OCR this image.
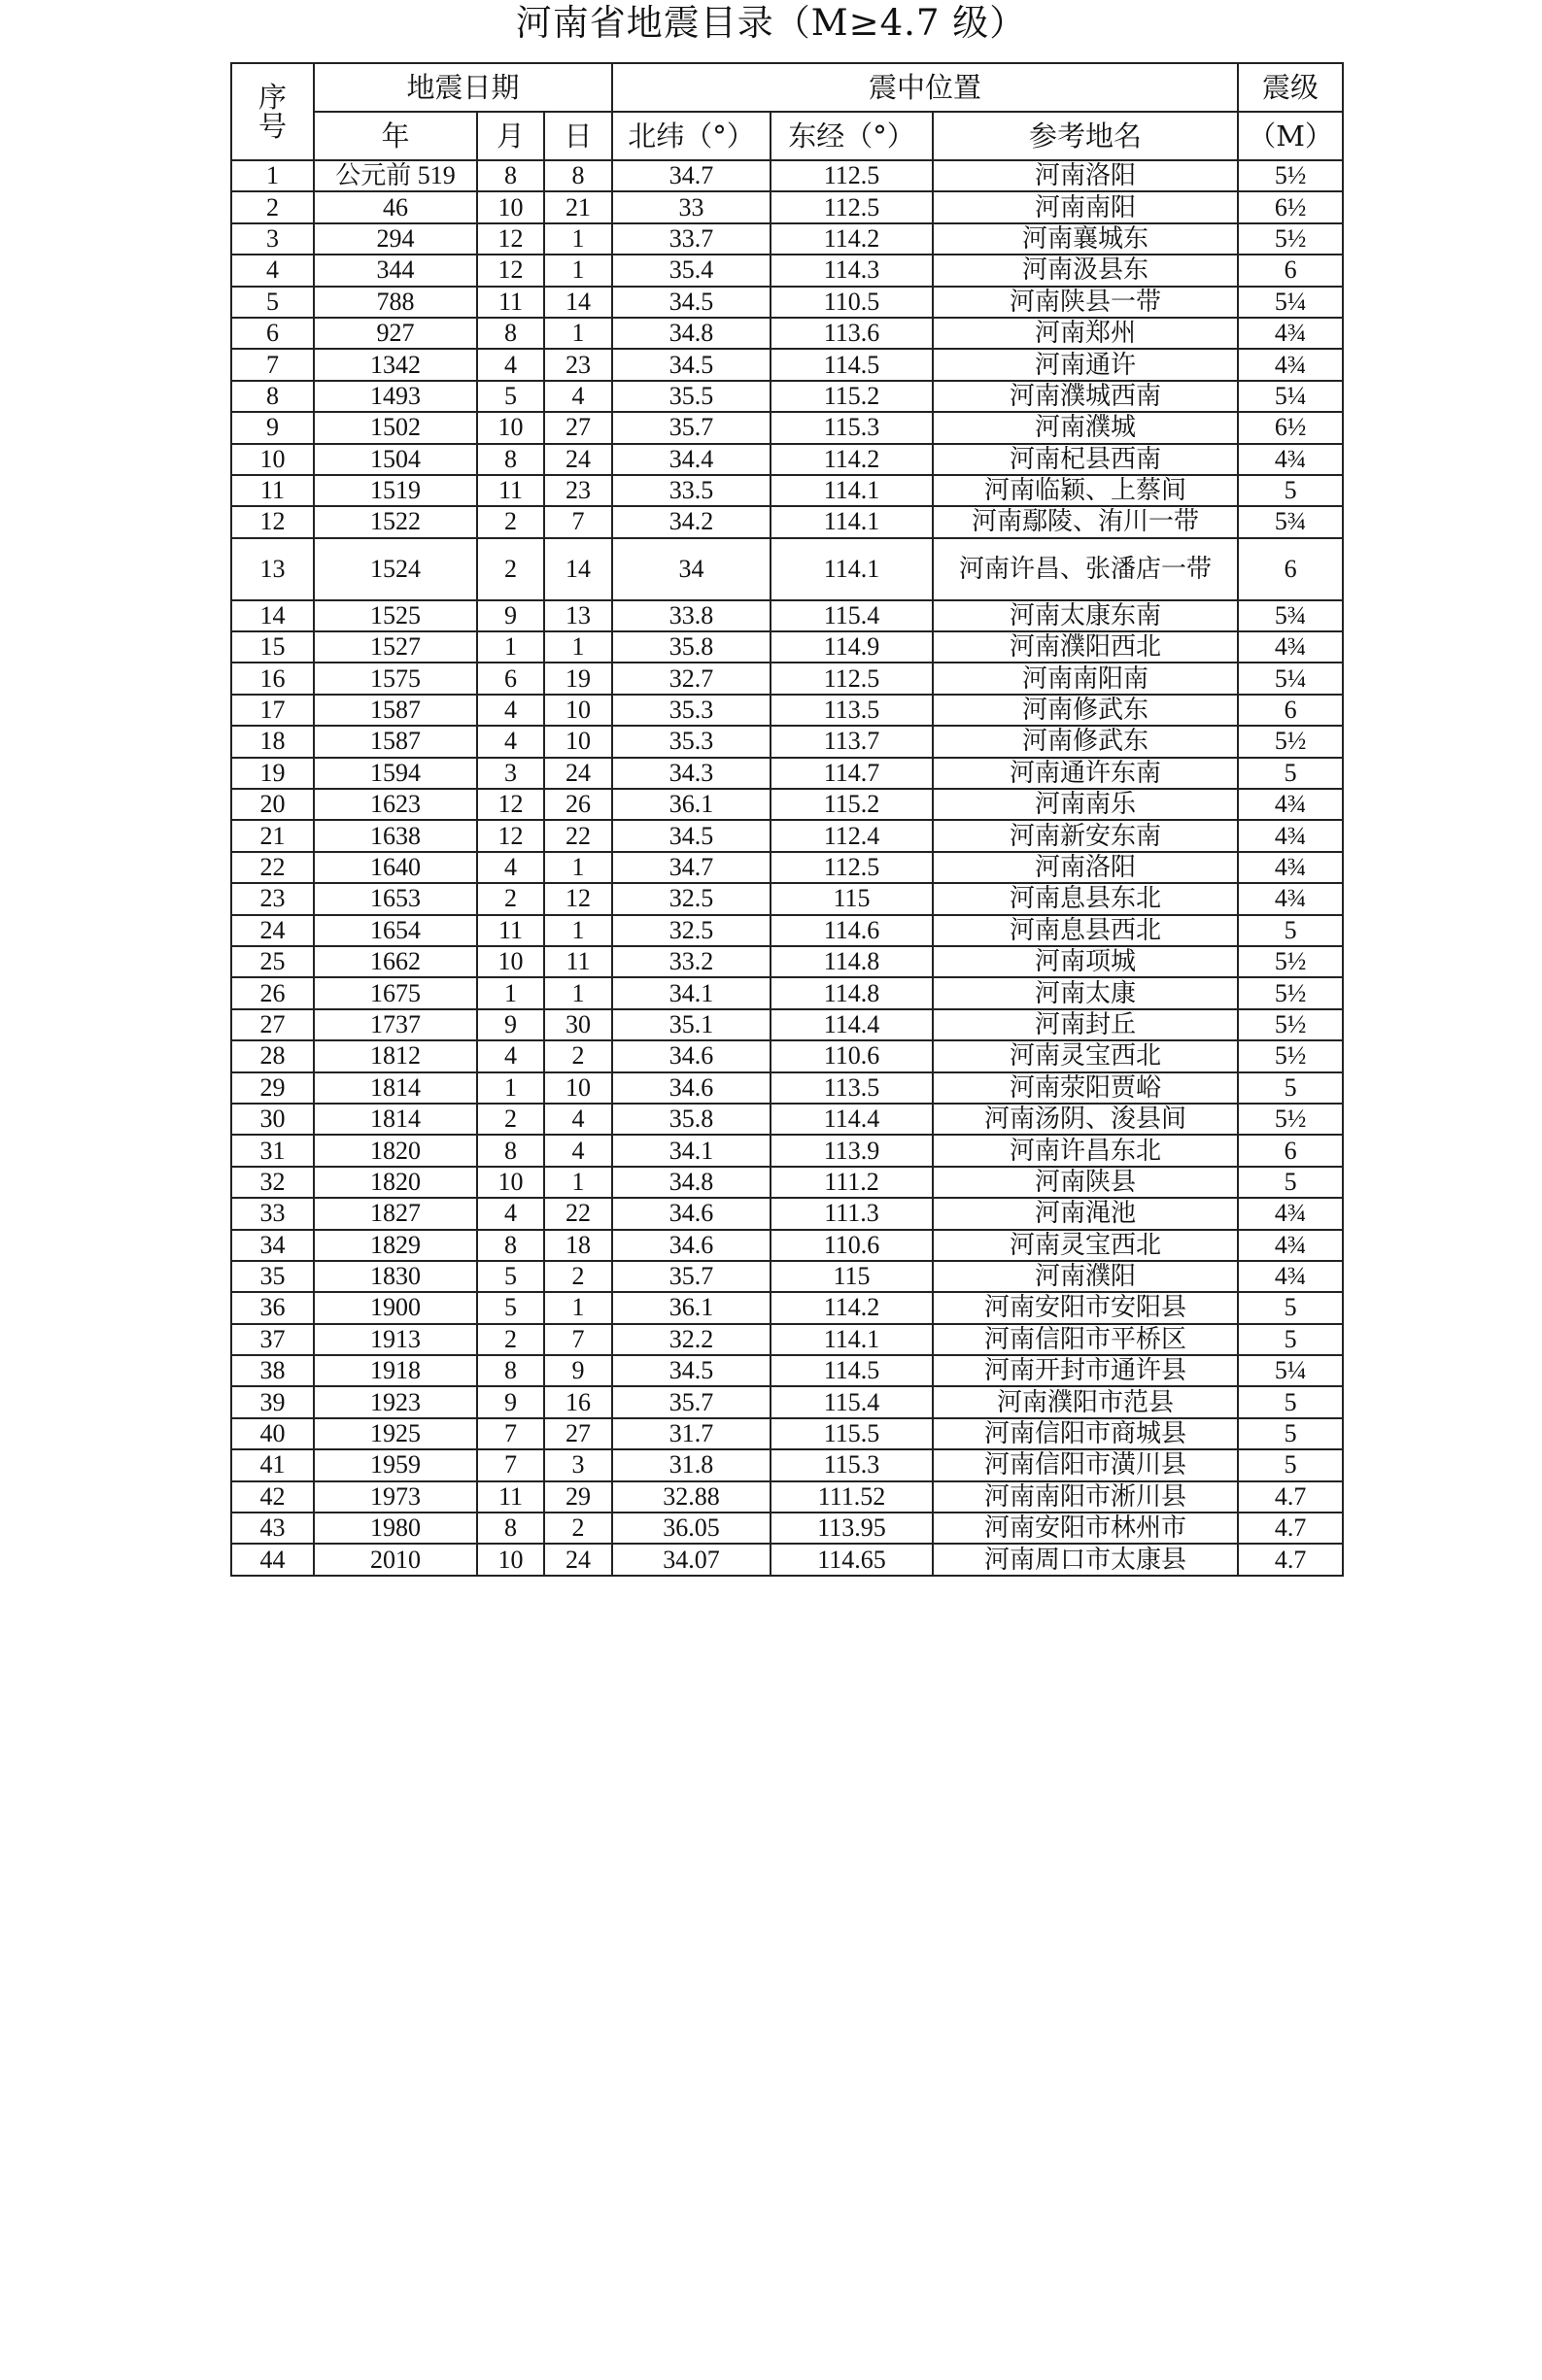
河南省地震目录（M≥4.7 级）
序号	地震日期			震中位置			震级
	年	月	日	北纬（°）	东经（°）	参考地名	（M）
1	公元前 519	8	8	34.7	112.5	河南洛阳	5½
2	46	10	21	33	112.5	河南南阳	6½
3	294	12	1	33.7	114.2	河南襄城东	5½
4	344	12	1	35.4	114.3	河南汲县东	6
5	788	11	14	34.5	110.5	河南陕县一带	5¼
6	927	8	1	34.8	113.6	河南郑州	4¾
7	1342	4	23	34.5	114.5	河南通许	4¾
8	1493	5	4	35.5	115.2	河南濮城西南	5¼
9	1502	10	27	35.7	115.3	河南濮城	6½
10	1504	8	24	34.4	114.2	河南杞县西南	4¾
11	1519	11	23	33.5	114.1	河南临颖、上蔡间	5
12	1522	2	7	34.2	114.1	河南鄢陵、洧川一带	5¾
13	1524	2	14	34	114.1	河南许昌、张潘店一带	6
14	1525	9	13	33.8	115.4	河南太康东南	5¾
15	1527	1	1	35.8	114.9	河南濮阳西北	4¾
16	1575	6	19	32.7	112.5	河南南阳南	5¼
17	1587	4	10	35.3	113.5	河南修武东	6
18	1587	4	10	35.3	113.7	河南修武东	5½
19	1594	3	24	34.3	114.7	河南通许东南	5
20	1623	12	26	36.1	115.2	河南南乐	4¾
21	1638	12	22	34.5	112.4	河南新安东南	4¾
22	1640	4	1	34.7	112.5	河南洛阳	4¾
23	1653	2	12	32.5	115	河南息县东北	4¾
24	1654	11	1	32.5	114.6	河南息县西北	5
25	1662	10	11	33.2	114.8	河南项城	5½
26	1675	1	1	34.1	114.8	河南太康	5½
27	1737	9	30	35.1	114.4	河南封丘	5½
28	1812	4	2	34.6	110.6	河南灵宝西北	5½
29	1814	1	10	34.6	113.5	河南荥阳贾峪	5
30	1814	2	4	35.8	114.4	河南汤阴、浚县间	5½
31	1820	8	4	34.1	113.9	河南许昌东北	6
32	1820	10	1	34.8	111.2	河南陕县	5
33	1827	4	22	34.6	111.3	河南渑池	4¾
34	1829	8	18	34.6	110.6	河南灵宝西北	4¾
35	1830	5	2	35.7	115	河南濮阳	4¾
36	1900	5	1	36.1	114.2	河南安阳市安阳县	5
37	1913	2	7	32.2	114.1	河南信阳市平桥区	5
38	1918	8	9	34.5	114.5	河南开封市通许县	5¼
39	1923	9	16	35.7	115.4	河南濮阳市范县	5
40	1925	7	27	31.7	115.5	河南信阳市商城县	5
41	1959	7	3	31.8	115.3	河南信阳市潢川县	5
42	1973	11	29	32.88	111.52	河南南阳市淅川县	4.7
43	1980	8	2	36.05	113.95	河南安阳市林州市	4.7
44	2010	10	24	34.07	114.65	河南周口市太康县	4.7
